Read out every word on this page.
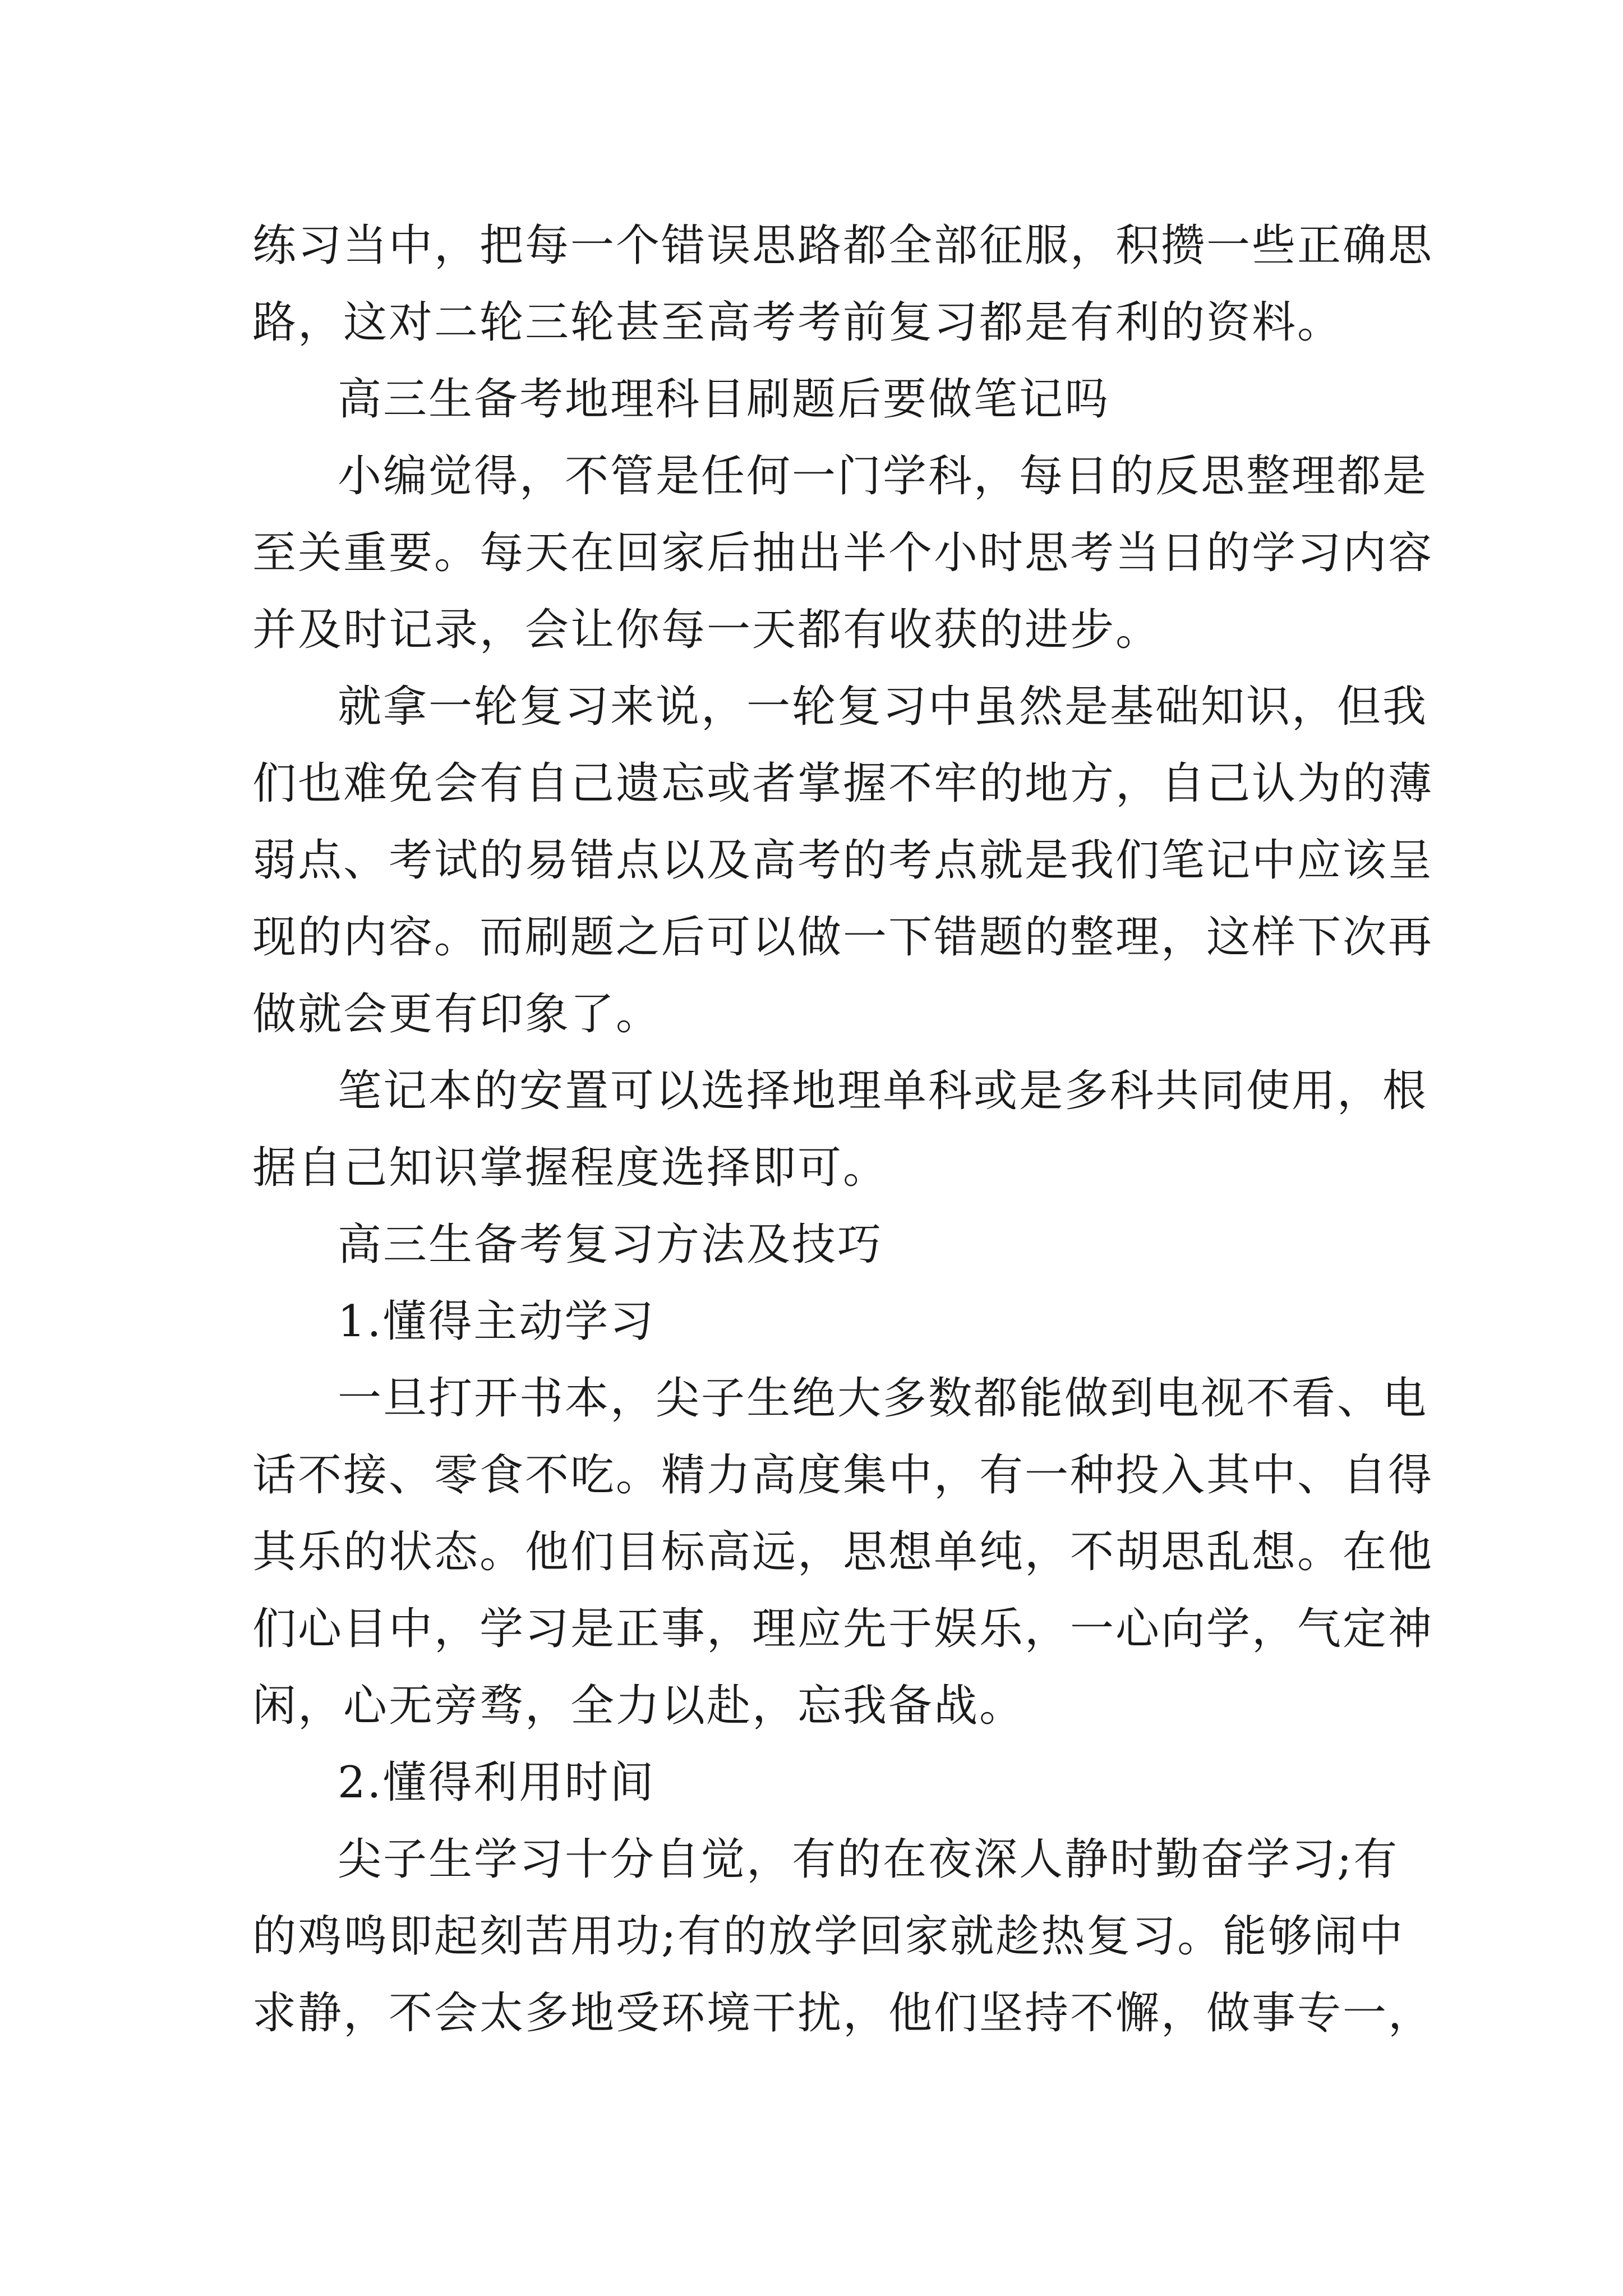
练习当中，把每一个错误思路都全部征服，积攒一些正确思
路，这对二轮三轮甚至高考考前复习都是有利的资料。
高三生备考地理科目刷题后要做笔记吗
小编觉得，不管是任何一门学科，每日的反思整理都是
至关重要。每天在回家后抽出半个小时思考当日的学习内容
并及时记录，会让你每一天都有收获的进步。
就拿一轮复习来说，一轮复习中虽然是基础知识，但我
们也难免会有自己遗忘或者掌握不牢的地方，自己认为的薄
弱点、考试的易错点以及高考的考点就是我们笔记中应该呈
现的内容。而刷题之后可以做一下错题的整理，这样下次再
做就会更有印象了。
笔记本的安置可以选择地理单科或是多科共同使用，根
据自己知识掌握程度选择即可。
高三生备考复习方法及技巧
1.懂得主动学习
一旦打开书本，尖子生绝大多数都能做到电视不看、电
话不接、零食不吃。精力高度集中，有一种投入其中、自得
其乐的状态。他们目标高远，思想单纯，不胡思乱想。在他
们心目中，学习是正事，理应先于娱乐，一心向学，气定神
闲，心无旁骛，全力以赴，忘我备战。
2.懂得利用时间
尖子生学习十分自觉，有的在夜深人静时勤奋学习;有
的鸡鸣即起刻苦用功;有的放学回家就趁热复习。能够闹中
求静，不会太多地受环境干扰，他们坚持不懈，做事专一，
